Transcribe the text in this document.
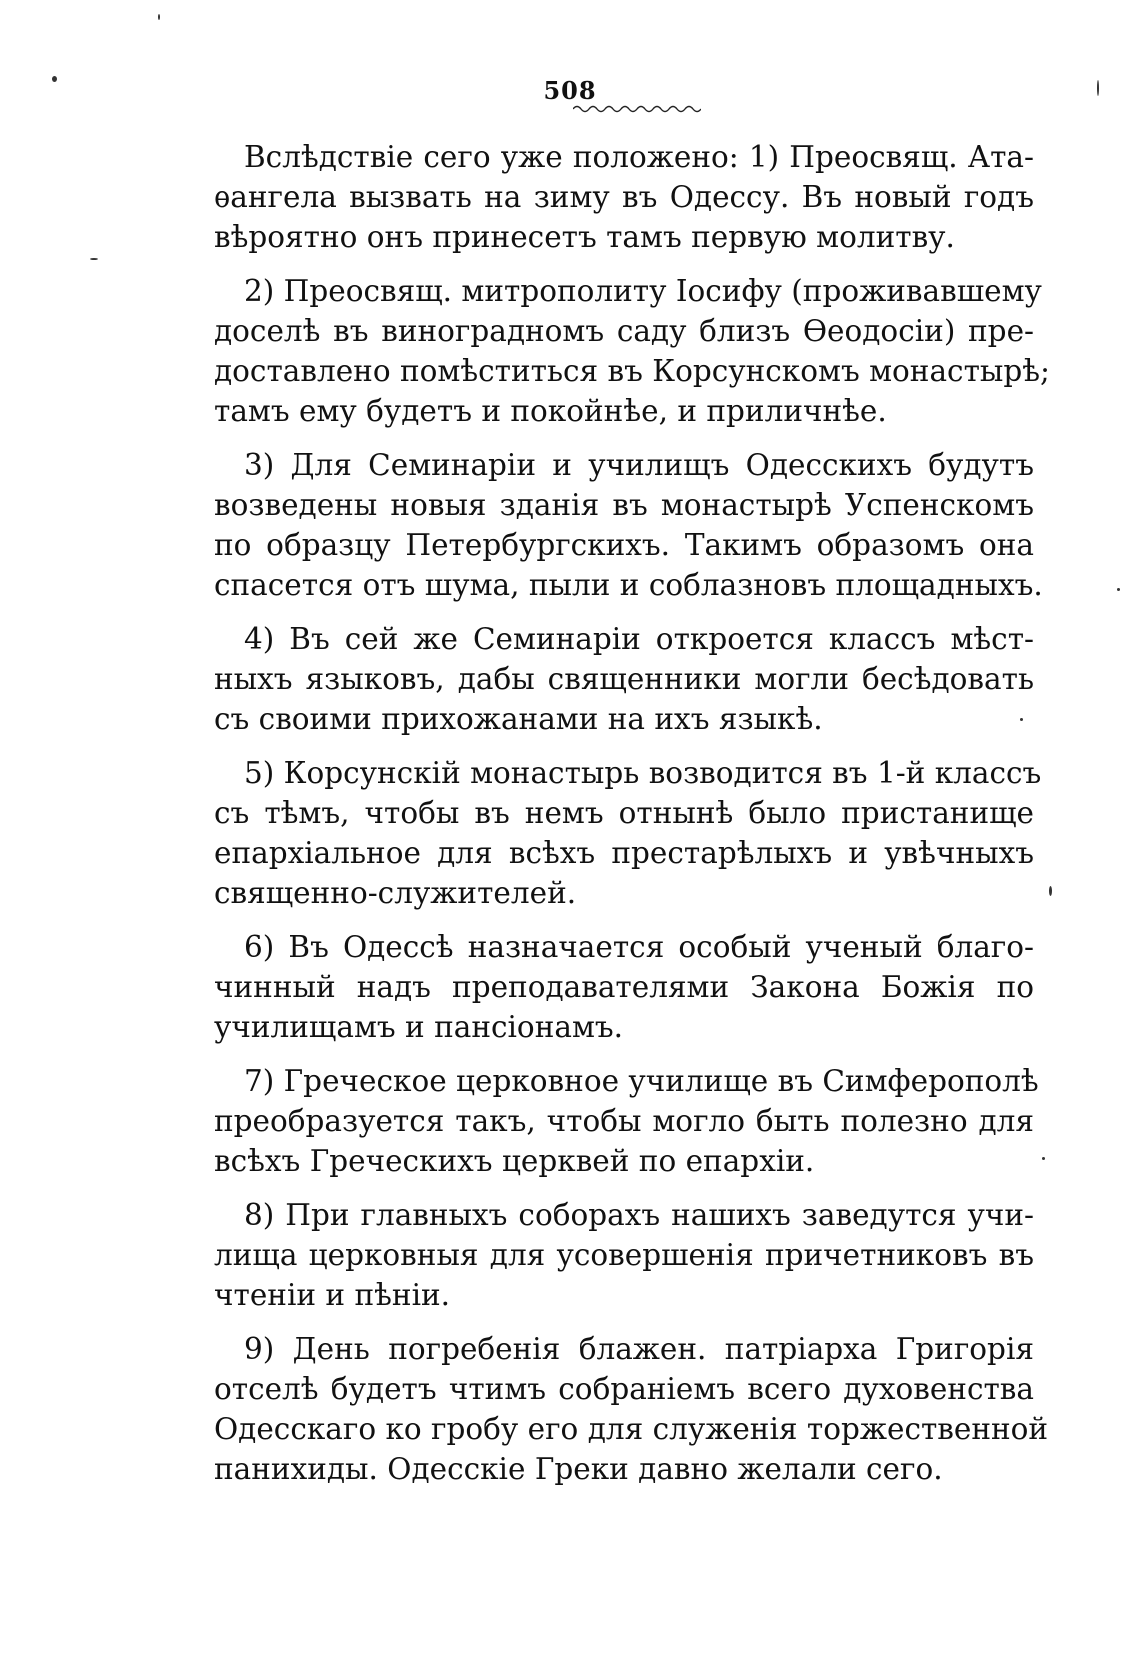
508

Вслѣдствіе сего уже положено: 1) Преосвящ. Ата-
ѳангела вызвать на зиму въ Одессу. Въ новый годъ
вѣроятно онъ принесетъ тамъ первую молитву.

2) Преосвящ. митрополиту Іосифу (проживавшему
доселѣ въ виноградномъ саду близъ Ѳеодосіи) пре-
доставлено помѣститься въ Корсунскомъ монастырѣ;
тамъ ему будетъ и покойнѣе, и приличнѣе.

3) Для Семинаріи и училищъ Одесскихъ будутъ
возведены новыя зданія въ монастырѣ Успенскомъ
по образцу Петербургскихъ. Такимъ образомъ она
спасется отъ шума, пыли и соблазновъ площадныхъ.

4) Въ сей же Семинаріи откроется классъ мѣст-
ныхъ языковъ, дабы священники могли бесѣдовать
съ своими прихожанами на ихъ языкѣ.

5) Корсунскій монастырь возводится въ 1-й классъ
съ тѣмъ, чтобы въ немъ отнынѣ было пристанище
епархіальное для всѣхъ престарѣлыхъ и увѣчныхъ
священно-служителей.

6) Въ Одессѣ назначается особый ученый благо-
чинный надъ преподавателями Закона Божія по
училищамъ и пансіонамъ.

7) Греческое церковное училище въ Симферополѣ
преобразуется такъ, чтобы могло быть полезно для
всѣхъ Греческихъ церквей по епархіи.

8) При главныхъ соборахъ нашихъ заведутся учи-
лища церковныя для усовершенія причетниковъ въ
чтеніи и пѣніи.

9) День погребенія блажен. патріарха Григорія
отселѣ будетъ чтимъ собраніемъ всего духовенства
Одесскаго ко гробу его для служенія торжественной
панихиды. Одесскіе Греки давно желали сего.
